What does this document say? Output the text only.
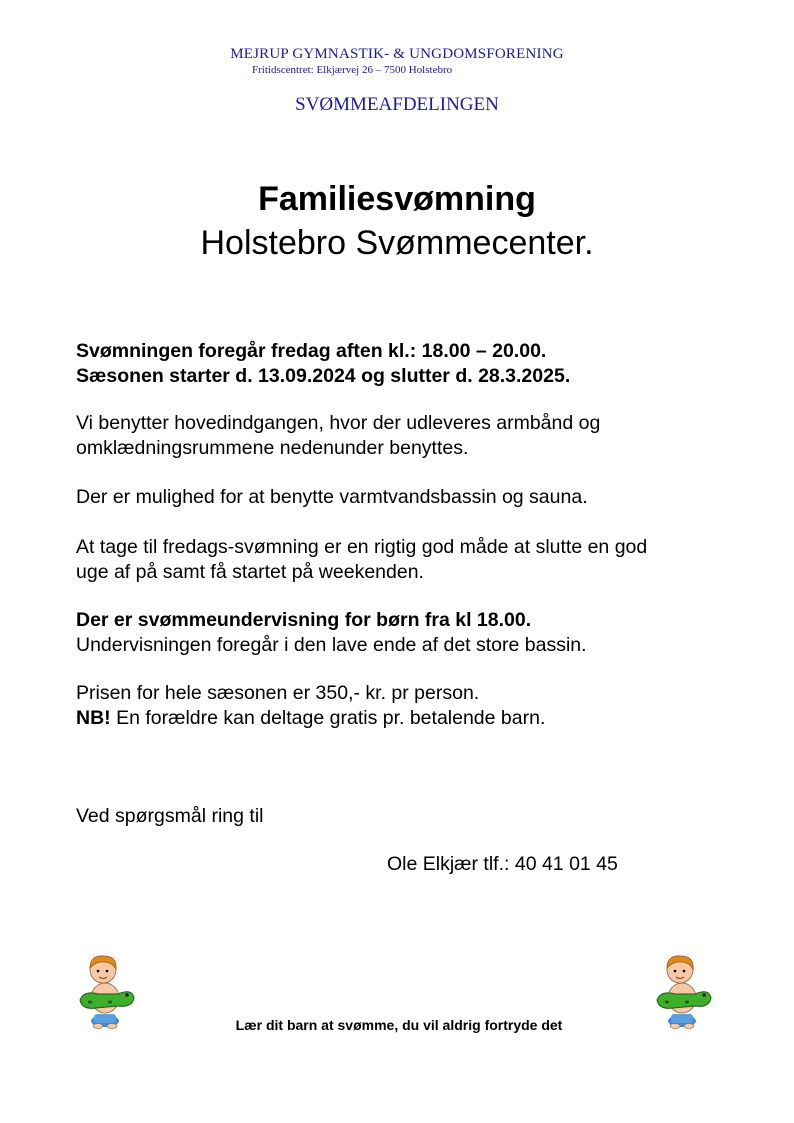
MEJRUP GYMNASTIK- & UNGDOMSFORENING
Fritidscentret: Elkjærvej 26 – 7500 Holstebro
SVØMMEAFDELINGEN
Familiesvømning
Holstebro Svømmecenter.
Svømningen foregår fredag aften kl.: 18.00 – 20.00.
Sæsonen starter d. 13.09.2024 og slutter d. 28.3.2025.
Vi benytter hovedindgangen, hvor der udleveres armbånd og
omklædningsrummene nedenunder benyttes.
Der er mulighed for at benytte varmtvandsbassin og sauna.
At tage til fredags-svømning er en rigtig god måde at slutte en god
uge af på samt få startet på weekenden.
Der er svømmeundervisning for børn fra kl 18.00.
Undervisningen foregår i den lave ende af det store bassin.
Prisen for hele sæsonen er 350,- kr. pr person.
NB! En forældre kan deltage gratis pr. betalende barn.
Ved spørgsmål ring til
Ole Elkjær tlf.: 40 41 01 45
Lær dit barn at svømme, du vil aldrig fortryde det
